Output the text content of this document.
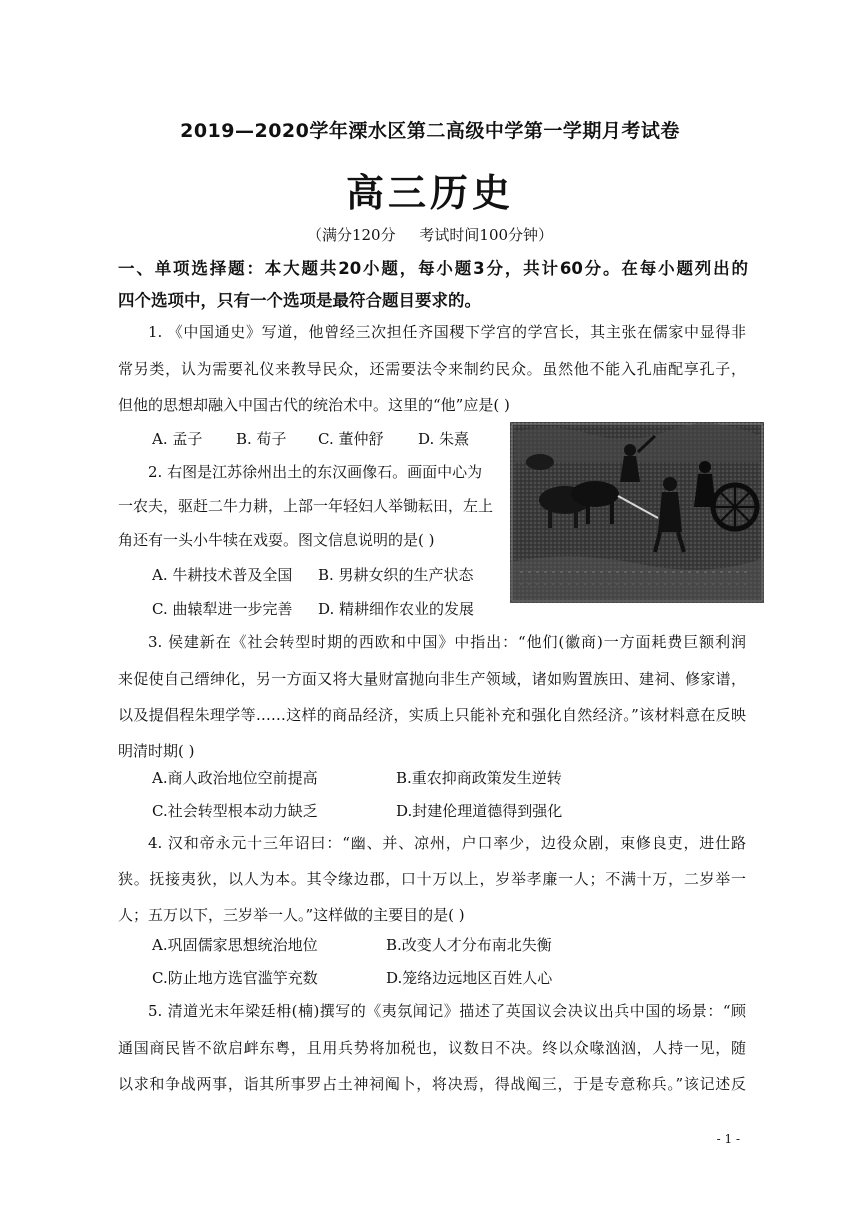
2019—2020学年溧水区第二高级中学第一学期月考试卷
高三历史
（满分120分     考试时间100分钟）
一、单项选择题：本大题共20小题，每小题3分，共计60分。在每小题列出的
四个选项中，只有一个选项是最符合题目要求的。
1. 《中国通史》写道，他曾经三次担任齐国稷下学宫的学宫长，其主张在儒家中显得非
常另类，认为需要礼仪来教导民众，还需要法令来制约民众。虽然他不能入孔庙配享孔子，
但他的思想却融入中国古代的统治术中。这里的“他”应是( )
A. 孟子 B. 荀子 C. 董仲舒 D. 朱熹
2. 右图是江苏徐州出土的东汉画像石。画面中心为
一农夫，驱赶二牛力耕，上部一年轻妇人举锄耘田，左上
角还有一头小牛犊在戏耍。图文信息说明的是( )
A. 牛耕技术普及全国 B. 男耕女织的生产状态
C. 曲辕犁进一步完善 D. 精耕细作农业的发展
3. 侯建新在《社会转型时期的西欧和中国》中指出：“他们(徽商)一方面耗费巨额利润
来促使自己缙绅化，另一方面又将大量财富抛向非生产领域，诸如购置族田、建祠、修家谱，
以及提倡程朱理学等……这样的商品经济，实质上只能补充和强化自然经济。”该材料意在反映
明清时期( )
A.商人政治地位空前提高	B.重农抑商政策发生逆转
C.社会转型根本动力缺乏	D.封建伦理道德得到强化
4. 汉和帝永元十三年诏曰：“幽、并、凉州，户口率少，边役众剧，束修良吏，进仕路
狭。抚接夷狄，以人为本。其令缘边郡，口十万以上，岁举孝廉一人；不满十万，二岁举一
人；五万以下，三岁举一人。”这样做的主要目的是( )
A.巩固儒家思想统治地位	B.改变人才分布南北失衡
C.防止地方选官滥竽充数	D.笼络边远地区百姓人心
5. 清道光末年梁廷枏(楠)撰写的《夷氛闻记》描述了英国议会决议出兵中国的场景：“顾
通国商民皆不欲启衅东粤，且用兵势将加税也，议数日不决。终以众喙汹汹，人持一见，随
以求和争战两事，诣其所事罗占土神祠阄卜，将决焉，得战阄三，于是专意称兵。”该记述反
- 1 -
